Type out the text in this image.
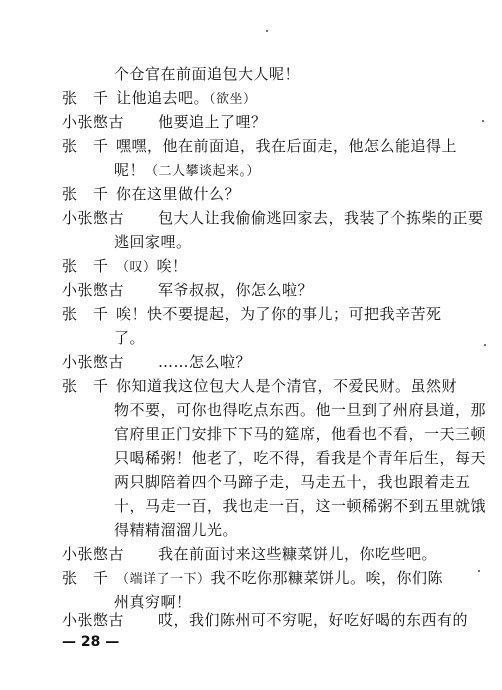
个仓官在前面追包大人呢！
张　千 让他追去吧。（欲坐）
小张憋古 他要追上了哩？
张　千 嘿嘿，他在前面追，我在后面走，他怎么能追得上
呢！（二人攀谈起来。）
张　千 你在这里做什么？
小张憋古 包大人让我偷偷逃回家去，我装了个拣柴的正要
逃回家哩。
张　千 （叹）唉！
小张憋古 军爷叔叔，你怎么啦？
张　千 唉！快不要提起，为了你的事儿；可把我辛苦死
了。
小张憋古 ……怎么啦？
张　千 你知道我这位包大人是个清官，不爱民财。虽然财
物不要，可你也得吃点东西。他一旦到了州府县道，那
官府里正门安排下下马的筵席，他看也不看，一天三顿
只喝稀粥！他老了，吃不得，看我是个青年后生，每天
两只脚陪着四个马蹄子走，马走五十，我也跟着走五
十，马走一百，我也走一百，这一顿稀粥不到五里就饿
得精精溜溜儿光。
小张憋古 我在前面讨来这些糠菜饼儿，你吃些吧。
张　千 （端详了一下）我不吃你那糠菜饼儿。唉，你们陈
州真穷啊！
小张憋古 哎，我们陈州可不穷呢，好吃好喝的东西有的
— 28 —
